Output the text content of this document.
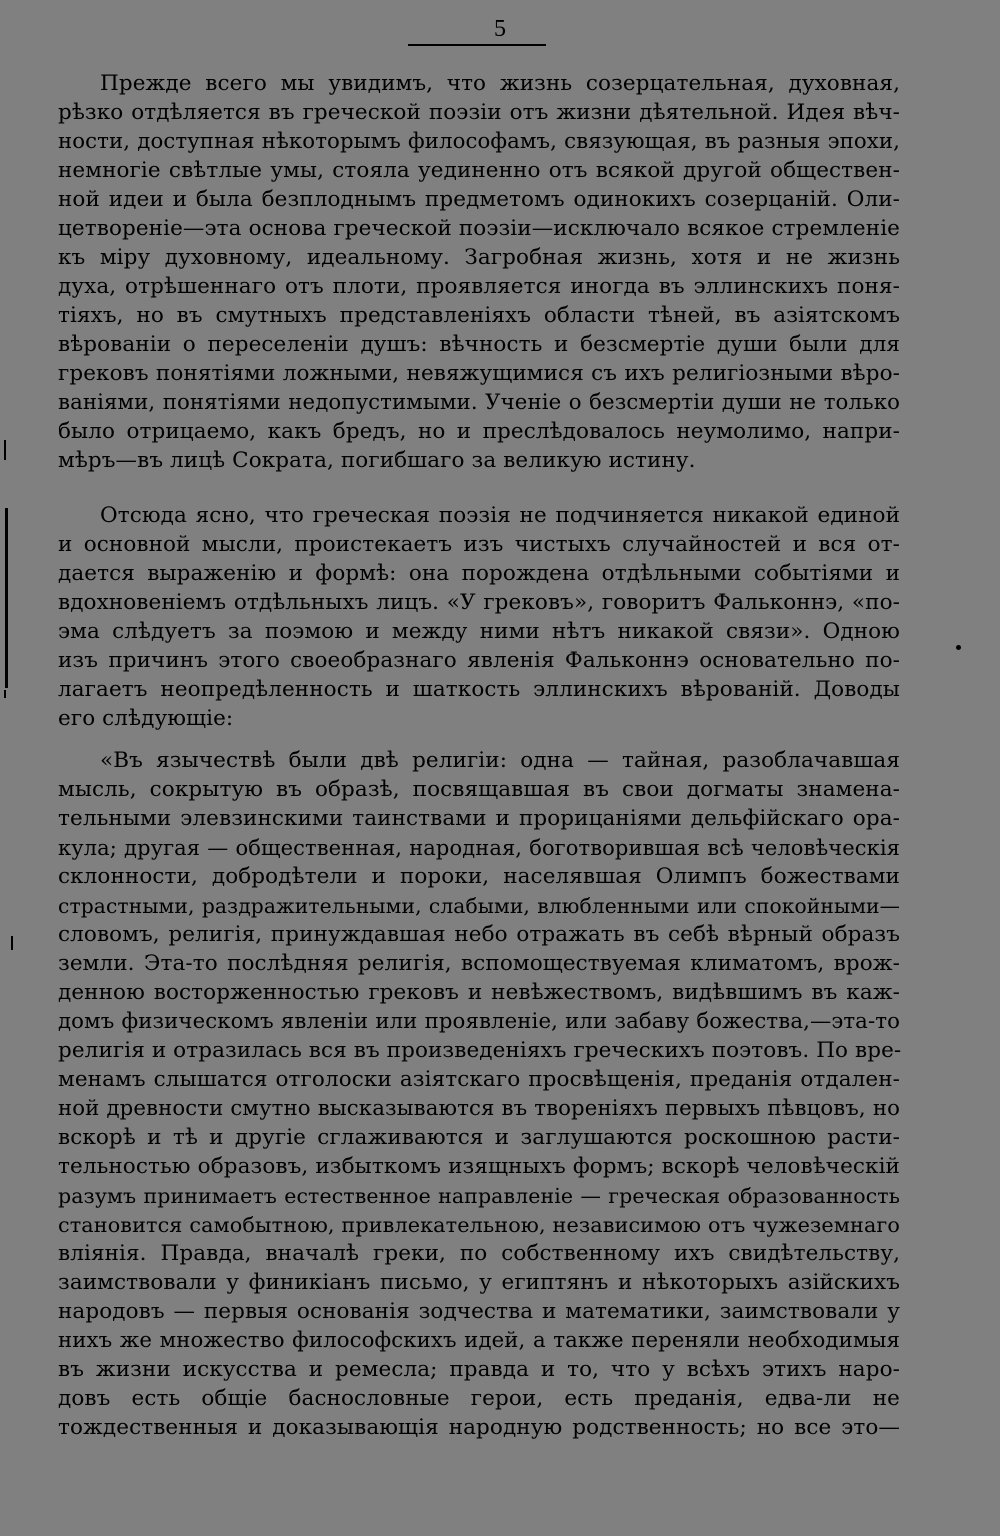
5
Прежде всего мы увидимъ, что жизнь созерцательная, духовная,
рѣзко отдѣляется въ греческой поэзіи отъ жизни дѣятельной. Идея вѣч-
ности, доступная нѣкоторымъ философамъ, связующая, въ разныя эпохи,
немногіе свѣтлые умы, стояла уединенно отъ всякой другой обществен-
ной идеи и была безплоднымъ предметомъ одинокихъ созерцаній. Оли-
цетвореніе—эта основа греческой поэзіи—исключало всякое стремленіе
къ міру духовному, идеальному. Загробная жизнь, хотя и не жизнь
духа, отрѣшеннаго отъ плоти, проявляется иногда въ эллинскихъ поня-
тіяхъ, но въ смутныхъ представленіяхъ области тѣней, въ азіятскомъ
вѣрованіи о переселеніи душъ: вѣчность и безсмертіе души были для
грековъ понятіями ложными, невяжущимися съ ихъ религіозными вѣро-
ваніями, понятіями недопустимыми. Ученіе о безсмертіи души не только
было отрицаемо, какъ бредъ, но и преслѣдовалось неумолимо, напри-
мѣръ—въ лицѣ Сократа, погибшаго за великую истину.
Отсюда ясно, что греческая поэзія не подчиняется никакой единой
и основной мысли, проистекаетъ изъ чистыхъ случайностей и вся от-
дается выраженію и формѣ: она порождена отдѣльными событіями и
вдохновеніемъ отдѣльныхъ лицъ. «У грековъ», говоритъ Фальконнэ, «по-
эма слѣдуетъ за поэмою и между ними нѣтъ никакой связи». Одною
изъ причинъ этого своеобразнаго явленія Фальконнэ основательно по-
лагаетъ неопредѣленность и шаткость эллинскихъ вѣрованій. Доводы
его слѣдующіе:
«Въ язычествѣ были двѣ религіи: одна — тайная, разоблачавшая
мысль, сокрытую въ образѣ, посвящавшая въ свои догматы знамена-
тельными элевзинскими таинствами и прорицаніями дельфійскаго ора-
кула; другая — общественная, народная, боготворившая всѣ человѣческія
склонности, добродѣтели и пороки, населявшая Олимпъ божествами
страстными, раздражительными, слабыми, влюбленными или спокойными—
словомъ, религія, принуждавшая небо отражать въ себѣ вѣрный образъ
земли. Эта-то послѣдняя религія, вспомоществуемая климатомъ, врож-
денною восторженностью грековъ и невѣжествомъ, видѣвшимъ въ каж-
домъ физическомъ явленіи или проявленіе, или забаву божества,—эта-то
религія и отразилась вся въ произведеніяхъ греческихъ поэтовъ. По вре-
менамъ слышатся отголоски азіятскаго просвѣщенія, преданія отдален-
ной древности смутно высказываются въ твореніяхъ первыхъ пѣвцовъ, но
вскорѣ и тѣ и другіе сглаживаются и заглушаются роскошною расти-
тельностью образовъ, избыткомъ изящныхъ формъ; вскорѣ человѣческій
разумъ принимаетъ естественное направленіе — греческая образованность
становится самобытною, привлекательною, независимою отъ чужеземнаго
вліянія. Правда, вначалѣ греки, по собственному ихъ свидѣтельству,
заимствовали у финикіанъ письмо, у египтянъ и нѣкоторыхъ азійскихъ
народовъ — первыя основанія зодчества и математики, заимствовали у
нихъ же множество философскихъ идей, а также переняли необходимыя
въ жизни искусства и ремесла; правда и то, что у всѣхъ этихъ наро-
довъ есть общіе баснословные герои, есть преданія, едва-ли не
тождественныя и доказывающія народную родственность; но все это—
